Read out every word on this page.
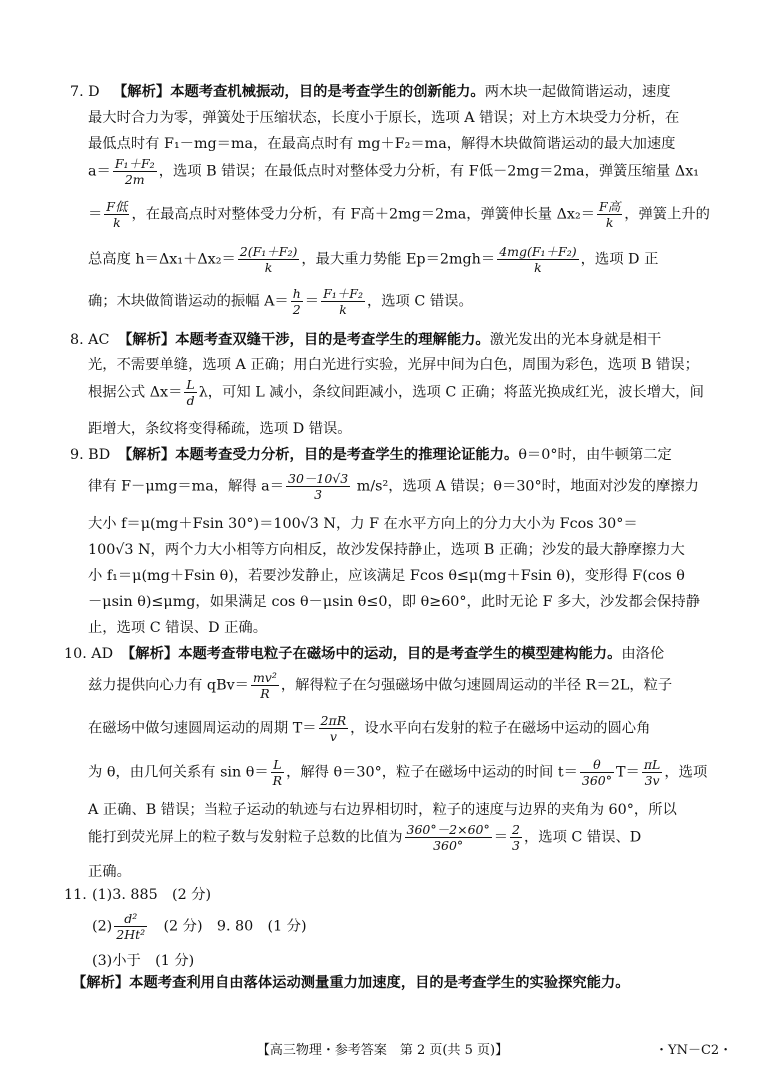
7. D 【解析】本题考查机械振动，目的是考查学生的创新能力。两木块一起做简谐运动，速度
最大时合力为零，弹簧处于压缩状态，长度小于原长，选项 A 错误；对上方木块受力分析，在
最低点时有 F₁－mg＝ma，在最高点时有 mg＋F₂＝ma，解得木块做简谐运动的最大加速度
$a= \frac{\text{F₁＋F₂}}{2m}$ ，选项 B 错误；在最低点时对整体受力分析，有 F低－2mg＝2ma，弹簧压缩量 Δx₁
＝ $\frac{\text{F低}}{k}$ ，在最高点时对整体受力分析，有 F高＋2mg＝2ma，弹簧伸长量 $\Delta x_2= \frac{\text{F高}}{k}$ ，弹簧上升的
总高度 $h=\Delta x_1+\Delta x_2= \frac{\text{2(F₁＋F₂)}}{k}$ ，最大重力势能 $Ep=2mgh= \frac{\text{4mg(F₁＋F₂)}}{k}$ ，选项 D 正
确；木块做简谐运动的振幅 $A= \frac{h}{2} = \frac{\text{F₁＋F₂}}{k}$ ，选项 C 错误。
8. AC 【解析】本题考查双缝干涉，目的是考查学生的理解能力。激光发出的光本身就是相干
光，不需要单缝，选项 A 正确；用白光进行实验，光屏中间为白色，周围为彩色，选项 B 错误；
根据公式 $\Delta x= \frac{L}{d}$ λ，可知 L 减小，条纹间距减小，选项 C 正确；将蓝光换成红光，波长增大，间
距增大，条纹将变得稀疏，选项 D 错误。
9. BD 【解析】本题考查受力分析，目的是考查学生的推理论证能力。θ＝0°时，由牛顿第二定
律有 F－μmg＝ma，解得 $a= \frac{30-10√3}{3} m/s^2$，选项 A 错误；θ＝30°时，地面对沙发的摩擦力
大小 f＝μ(mg＋Fsin 30°)＝100√3 N，力 F 在水平方向上的分力大小为 Fcos 30°＝
100√3 N，两个力大小相等方向相反，故沙发保持静止，选项 B 正确；沙发的最大静摩擦力大
小 f₁＝μ(mg＋Fsin θ)，若要沙发静止，应该满足 Fcos θ≤μ(mg＋Fsin θ)，变形得 F(cos θ
－μsin θ)≤μmg，如果满足 cos θ－μsin θ≤0，即 θ≥60°，此时无论 F 多大，沙发都会保持静
止，选项 C 错误、D 正确。
10. AD 【解析】本题考查带电粒子在磁场中的运动，目的是考查学生的模型建构能力。由洛伦
兹力提供向心力有 $qBv= \frac{\text{mv²}}{R}$ ，解得粒子在匀强磁场中做匀速圆周运动的半径 R＝2L，粒子
在磁场中做匀速圆周运动的周期 $T= \frac{2\pi R}{v}$ ，设水平向右发射的粒子在磁场中运动的圆心角
为 θ，由几何关系有 $\sin \theta= \frac{L}{R}$ ，解得 θ＝30°，粒子在磁场中运动的时间 $t= \frac{\theta}{360^\circ} T= \frac{\pi L}{3v}$ ，选项
A 正确、B 错误；当粒子运动的轨迹与右边界相切时，粒子的速度与边界的夹角为 60°，所以
能打到荧光屏上的粒子数与发射粒子总数的比值为 $\frac{360^\circ-2\times 60^\circ}{360^\circ} = \frac{2}{3}$ ，选项 C 错误、D
正确。
11. (1)3. 885　(2 分)
$(2) \frac{\text{d²}}{\text{2Ht²}}$ 　(2 分)　9. 80　(1 分)
(3)小于　(1 分)
【解析】本题考查利用自由落体运动测量重力加速度，目的是考查学生的实验探究能力。
【高三物理・参考答案　第 2 页(共 5 页)】	・YN－C2・
